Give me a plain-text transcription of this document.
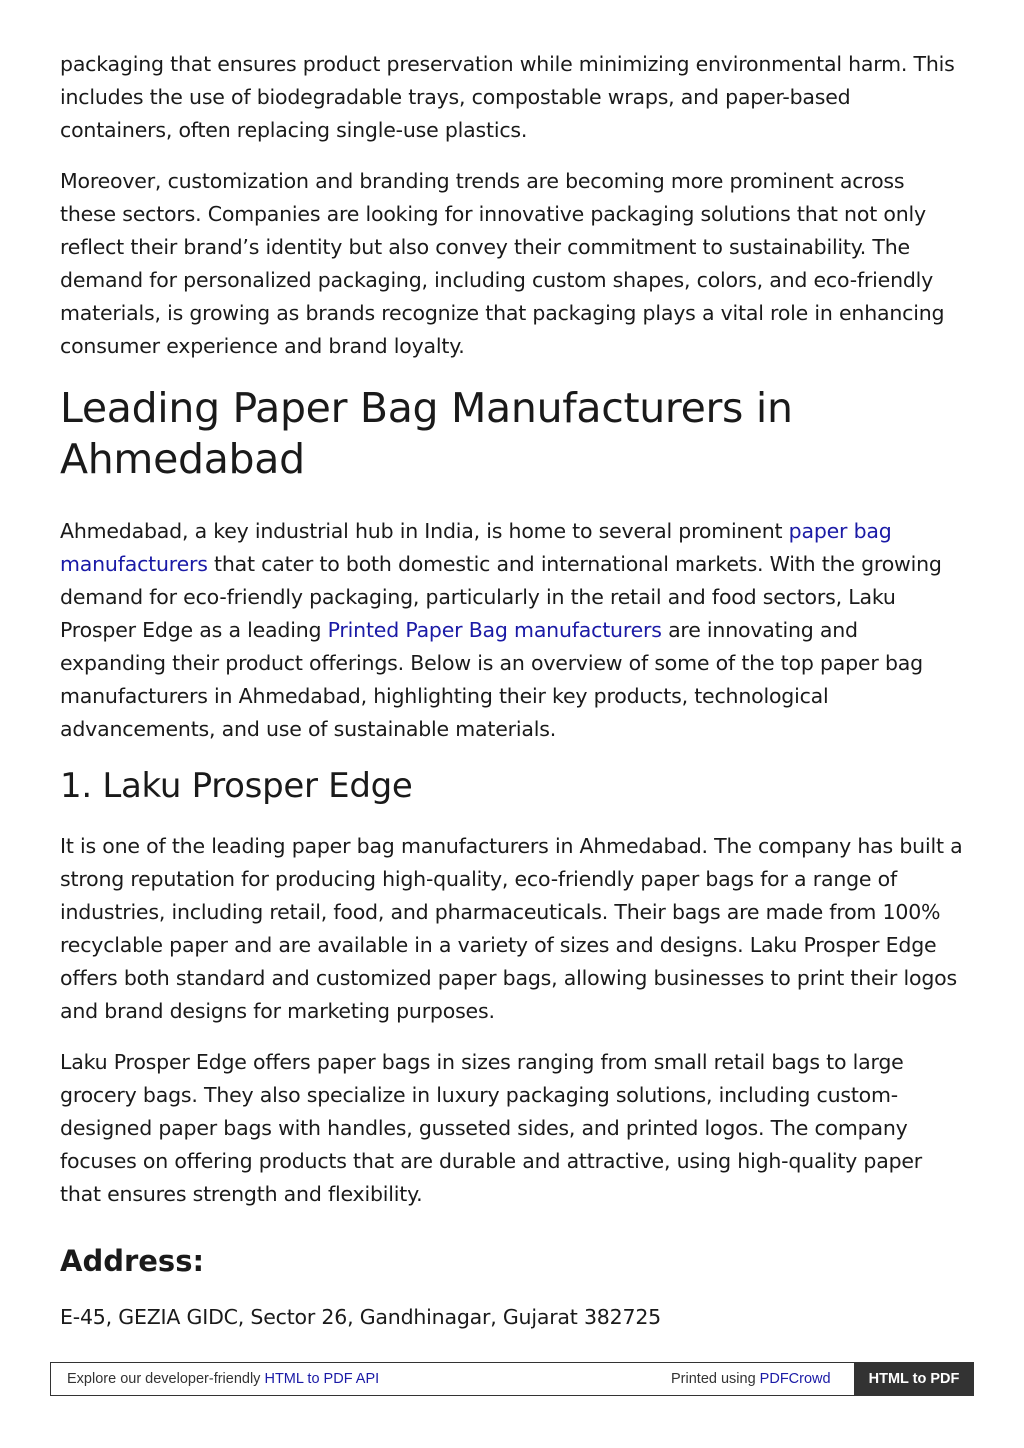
packaging that ensures product preservation while minimizing environmental harm. This includes the use of biodegradable trays, compostable wraps, and paper-based containers, often replacing single-use plastics.

Moreover, customization and branding trends are becoming more prominent across these sectors. Companies are looking for innovative packaging solutions that not only reflect their brand’s identity but also convey their commitment to sustainability. The demand for personalized packaging, including custom shapes, colors, and eco-friendly materials, is growing as brands recognize that packaging plays a vital role in enhancing consumer experience and brand loyalty.

Leading Paper Bag Manufacturers in Ahmedabad

Ahmedabad, a key industrial hub in India, is home to several prominent paper bag manufacturers that cater to both domestic and international markets. With the growing demand for eco-friendly packaging, particularly in the retail and food sectors, Laku Prosper Edge as a leading Printed Paper Bag manufacturers are innovating and expanding their product offerings. Below is an overview of some of the top paper bag manufacturers in Ahmedabad, highlighting their key products, technological advancements, and use of sustainable materials.

1. Laku Prosper Edge

It is one of the leading paper bag manufacturers in Ahmedabad. The company has built a strong reputation for producing high-quality, eco-friendly paper bags for a range of industries, including retail, food, and pharmaceuticals. Their bags are made from 100% recyclable paper and are available in a variety of sizes and designs. Laku Prosper Edge offers both standard and customized paper bags, allowing businesses to print their logos and brand designs for marketing purposes.

Laku Prosper Edge offers paper bags in sizes ranging from small retail bags to large grocery bags. They also specialize in luxury packaging solutions, including custom-designed paper bags with handles, gusseted sides, and printed logos. The company focuses on offering products that are durable and attractive, using high-quality paper that ensures strength and flexibility.

Address:

E-45, GEZIA GIDC, Sector 26, Gandhinagar, Gujarat 382725

Explore our developer-friendly HTML to PDF API	Printed using PDFCrowd	HTML to PDF
